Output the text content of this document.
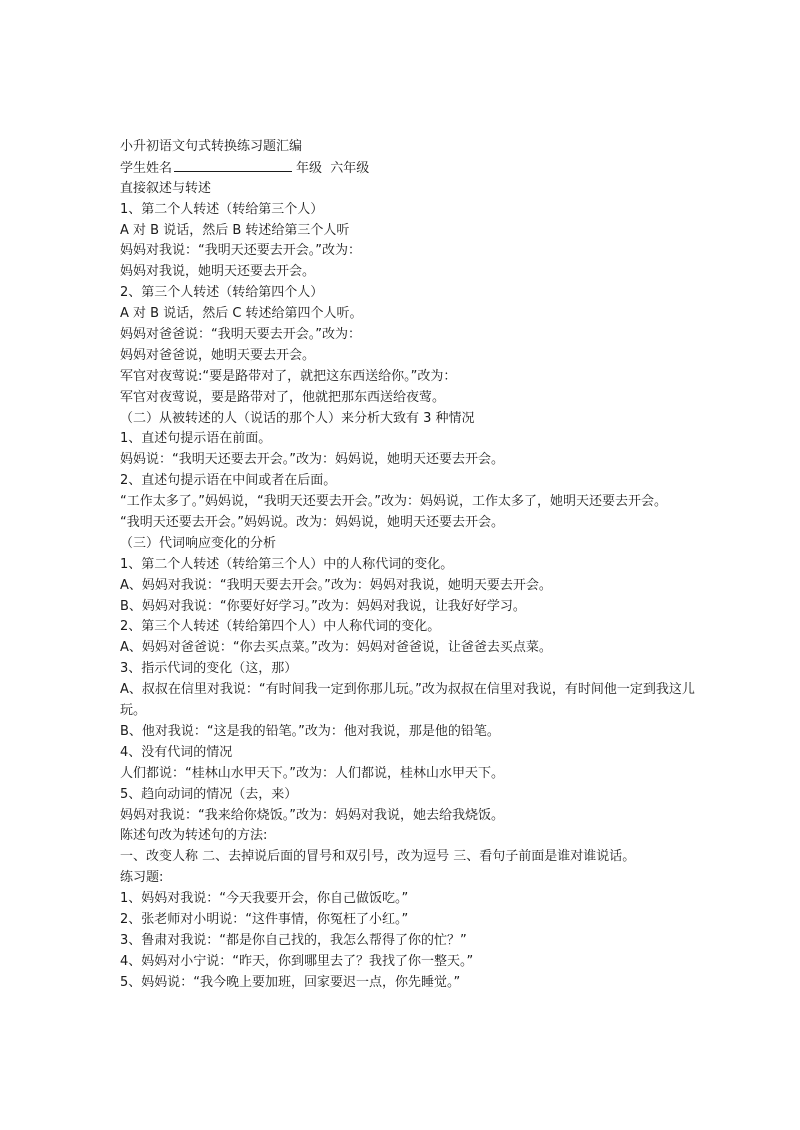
小升初语文句式转换练习题汇编
学生姓名	年级 六年级
直接叙述与转述
1、第二个人转述（转给第三个人）
A 对 B 说话，然后 B 转述给第三个人听
妈妈对我说：“我明天还要去开会。”改为：
妈妈对我说，她明天还要去开会。
2、第三个人转述（转给第四个人）
A 对 B 说话，然后 C 转述给第四个人听。
妈妈对爸爸说：“我明天要去开会。”改为：
妈妈对爸爸说，她明天要去开会。
军官对夜莺说:“要是路带对了，就把这东西送给你。”改为：
军官对夜莺说，要是路带对了，他就把那东西送给夜莺。
（二）从被转述的人（说话的那个人）来分析大致有 3 种情况
1、直述句提示语在前面。
妈妈说：“我明天还要去开会。”改为：妈妈说，她明天还要去开会。
2、直述句提示语在中间或者在后面。
“工作太多了。”妈妈说，“我明天还要去开会。”改为：妈妈说，工作太多了，她明天还要去开会。
“我明天还要去开会。”妈妈说。改为：妈妈说，她明天还要去开会。
（三）代词响应变化的分析
1、第二个人转述（转给第三个人）中的人称代词的变化。
A、妈妈对我说：“我明天要去开会。”改为：妈妈对我说，她明天要去开会。
B、妈妈对我说：“你要好好学习。”改为：妈妈对我说，让我好好学习。
2、第三个人转述（转给第四个人）中人称代词的变化。
A、妈妈对爸爸说：“你去买点菜。”改为：妈妈对爸爸说，让爸爸去买点菜。
3、指示代词的变化（这，那）
A、叔叔在信里对我说：“有时间我一定到你那儿玩。”改为叔叔在信里对我说，有时间他一定到我这儿玩。
B、他对我说：“这是我的铅笔。”改为：他对我说，那是他的铅笔。
4、没有代词的情况
人们都说：“桂林山水甲天下。”改为：人们都说，桂林山水甲天下。
5、趋向动词的情况（去，来）
妈妈对我说：“我来给你烧饭。”改为：妈妈对我说，她去给我烧饭。
陈述句改为转述句的方法:
一、改变人称 二、去掉说后面的冒号和双引号，改为逗号 三、看句子前面是谁对谁说话。
练习题:
1、妈妈对我说：“今天我要开会，你自己做饭吃。”
2、张老师对小明说：“这件事情，你冤枉了小红。”
3、鲁肃对我说：“都是你自己找的，我怎么帮得了你的忙？”
4、妈妈对小宁说：“昨天，你到哪里去了？我找了你一整天。”
5、妈妈说：“我今晚上要加班，回家要迟一点，你先睡觉。”
